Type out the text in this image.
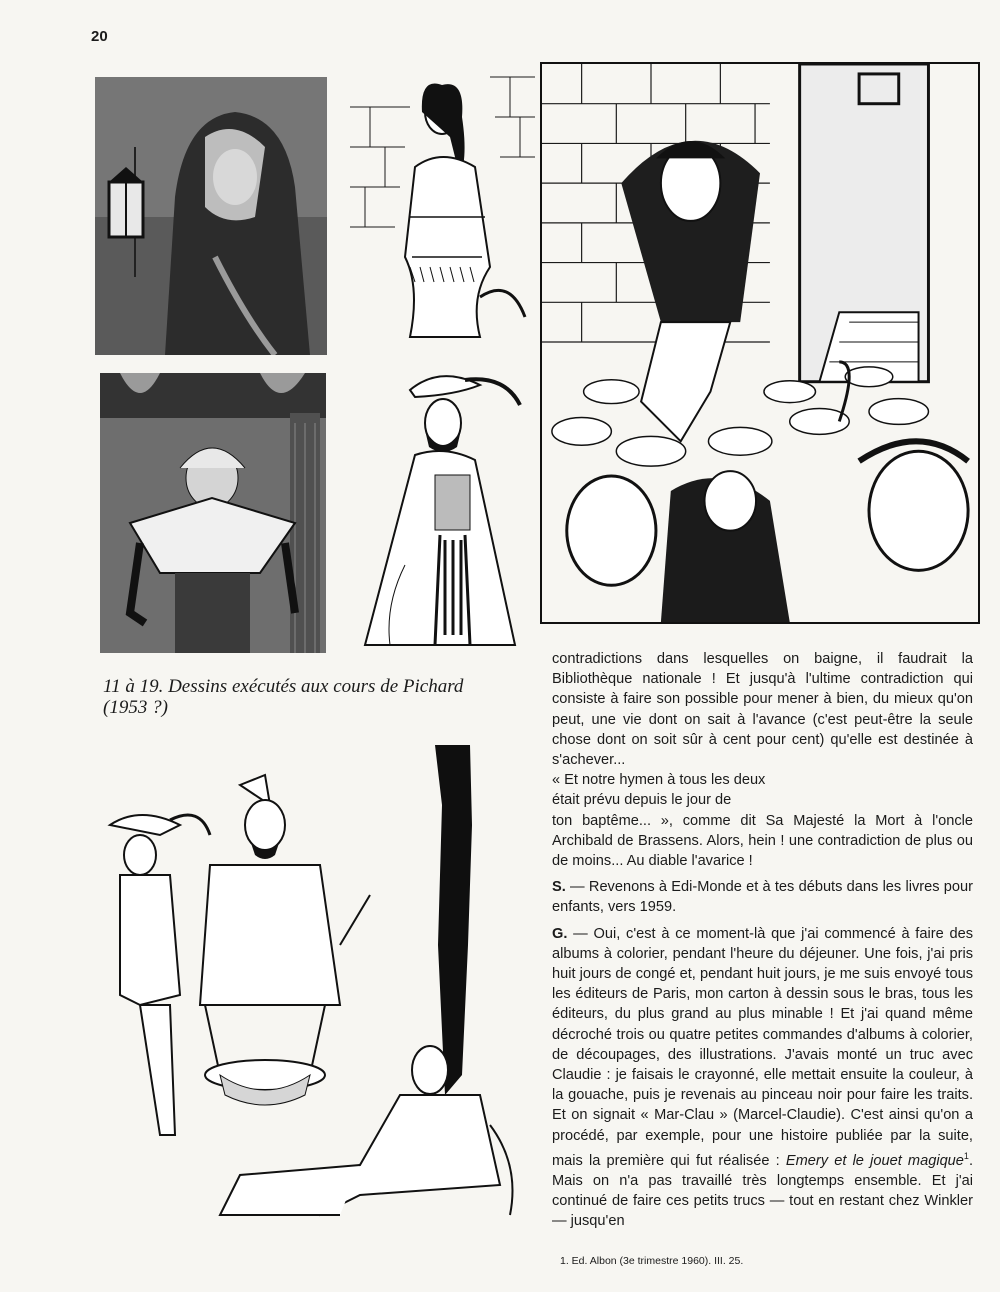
20

11 à 19. Dessins exécutés aux cours de Pichard

(1953 ?)

contradictions dans lesquelles on baigne, il faudrait la Bibliothèque nationale ! Et jusqu'à l'ultime contradiction qui consiste à faire son possible pour mener à bien, du mieux qu'on peut, une vie dont on sait à l'avance (c'est peut-être la seule chose dont on soit sûr à cent pour cent) qu'elle est destinée à s'achever...

« Et notre hymen à tous les deux

était prévu depuis le jour de

ton baptême... », comme dit Sa Majesté la Mort à l'oncle Archibald de Brassens. Alors, hein ! une contradiction de plus ou de moins... Au diable l'avarice !

S. — Revenons à Edi-Monde et à tes débuts dans les livres pour enfants, vers 1959.

G. — Oui, c'est à ce moment-là que j'ai commencé à faire des albums à colorier, pendant l'heure du déjeuner. Une fois, j'ai pris huit jours de congé et, pendant huit jours, je me suis envoyé tous les éditeurs de Paris, mon carton à dessin sous le bras, tous les éditeurs, du plus grand au plus minable ! Et j'ai quand même décroché trois ou quatre petites commandes d'albums à colorier, de découpages, des illustrations. J'avais monté un truc avec Claudie : je faisais le crayonné, elle mettait ensuite la couleur, à la gouache, puis je revenais au pinceau noir pour faire les traits. Et on signait « Mar-Clau » (Marcel-Claudie). C'est ainsi qu'on a procédé, par exemple, pour une histoire publiée par la suite, mais la première qui fut réalisée : Emery et le jouet magique$^1$. Mais on n'a pas travaillé très longtemps ensemble. Et j'ai continué de faire ces petits trucs — tout en restant chez Winkler — jusqu'en

1. Ed. Albon (3e trimestre 1960). III. 25.
